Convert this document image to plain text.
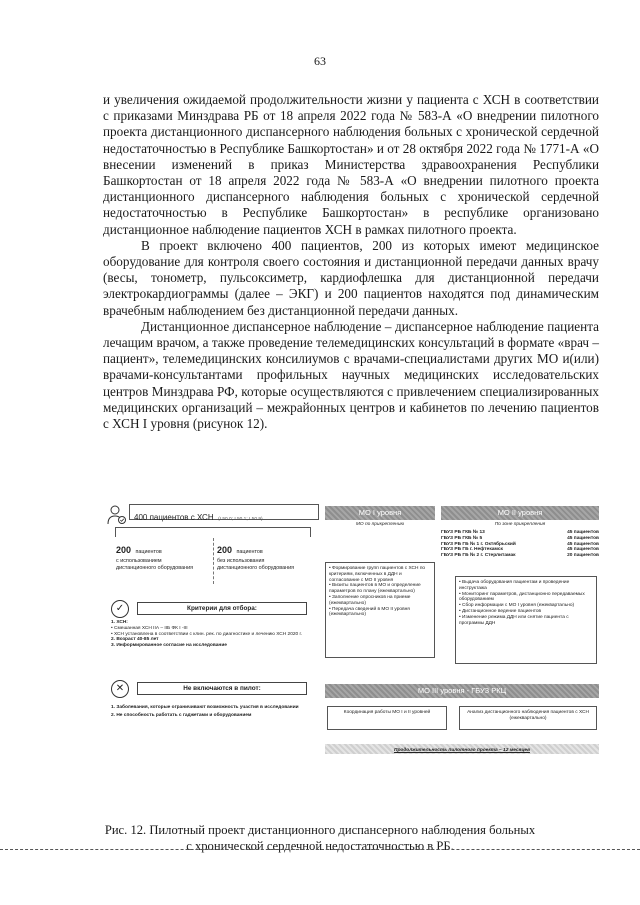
63

и увеличения ожидаемой продолжительности жизни у пациента с ХСН в соответствии с приказами Минздрава РБ от 18 апреля 2022 года № 583-А «О внедрении пилотного проекта дистанционного диспансерного наблюдения больных с хронической сердечной недостаточностью в Республике Башкортостан» и от 28 октября 2022 года № 1771-А «О внесении изменений в приказ Министерства здравоохранения Республики Башкортостан от 18 апреля 2022 года № 583-А «О внедрении пилотного проекта дистанционного диспансерного наблюдения больных с хронической сердечной недостаточностью в Республике Башкортостан» в республике организовано дистанционное наблюдение пациентов ХСН в рамках пилотного проекта.

В проект включено 400 пациентов, 200 из которых имеют медицинское оборудование для контроля своего состояния и дистанционной передачи данных врачу (весы, тонометр, пульсоксиметр, кардиофлешка для дистанционной передачи электрокардиограммы (далее – ЭКГ) и 200 пациентов находятся под динамическим врачебным наблюдением без дистанционной передачи данных.

Дистанционное диспансерное наблюдение – диспансерное наблюдение пациента лечащим врачом, а также проведение телемедицинских консультаций в формате «врач – пациент», телемедицинских консилиумов с врачами-специалистами других МО и(или) врачами-консультантами профильных научных медицинских исследовательских центров Минздрава РФ, которые осуществляются с привлечением специализированных медицинских организаций – межрайонных центров и кабинетов по лечению пациентов с ХСН I уровня (рисунок 12).

400 пациентов с ХСН (I 50.0; I 50.1; I 50.9)
200 пациентов
с использованием дистанционного оборудования
200 пациентов
без использования дистанционного оборудования
✓	Критерии для отбора:
1. ХСН:
• Смешанная ХСН IIА – IIБ ФК I -III
• ХСН установлена в соответствии с клин. рек. по диагностике и лечению ХСН 2020 г.
2. Возраст 40-85 лет
3. Информированное согласие на исследование
✕	Не включаются в пилот:
1. Заболевания, которые ограничивают возможность участия в исследовании
2. Не способность работать с гаджетами и оборудованием
МО I уровня
МО по прикреплению
• Формирование групп пациентов с ХСН по критериям, включенных в ДДН и согласование с МО II уровня
• Визиты пациентов в МО и определение параметров по плану (ежеквартально)
• Заполнение опросников на приеме (ежеквартально)
• Передача сведений в МО II уровня (ежеквартально)
МО II уровня
По зоне прикрепления
ГБУЗ РБ ГКБ № 13	45 пациентов
ГБУЗ РБ ГКБ № 5	45 пациентов
ГБУЗ РБ ГБ № 1 г. Октябрьский	45 пациентов
ГБУЗ РБ ГБ г. Нефтекамск	45 пациентов
ГБУЗ РБ ГБ № 2 г. Стерлитамак	20 пациентов
• Выдача оборудования пациентам и проведение инструктажа
• Мониторинг параметров, дистанционно передаваемых оборудованием
• Сбор информации с МО I уровня (ежеквартально)
• Дистанционное ведение пациентов
• Изменение режима ДДН или снятие пациента с программы ДДН
МО III уровня - ГБУЗ РКЦ
Координация работы МО I и II уровней	Анализ дистанционного наблюдения пациентов с ХСН (ежеквартально)
Продолжительность пилотного проекта – 12 месяцев
Рис. 12. Пилотный проект дистанционного диспансерного наблюдения больных
с хронической сердечной недостаточностью в РБ.
